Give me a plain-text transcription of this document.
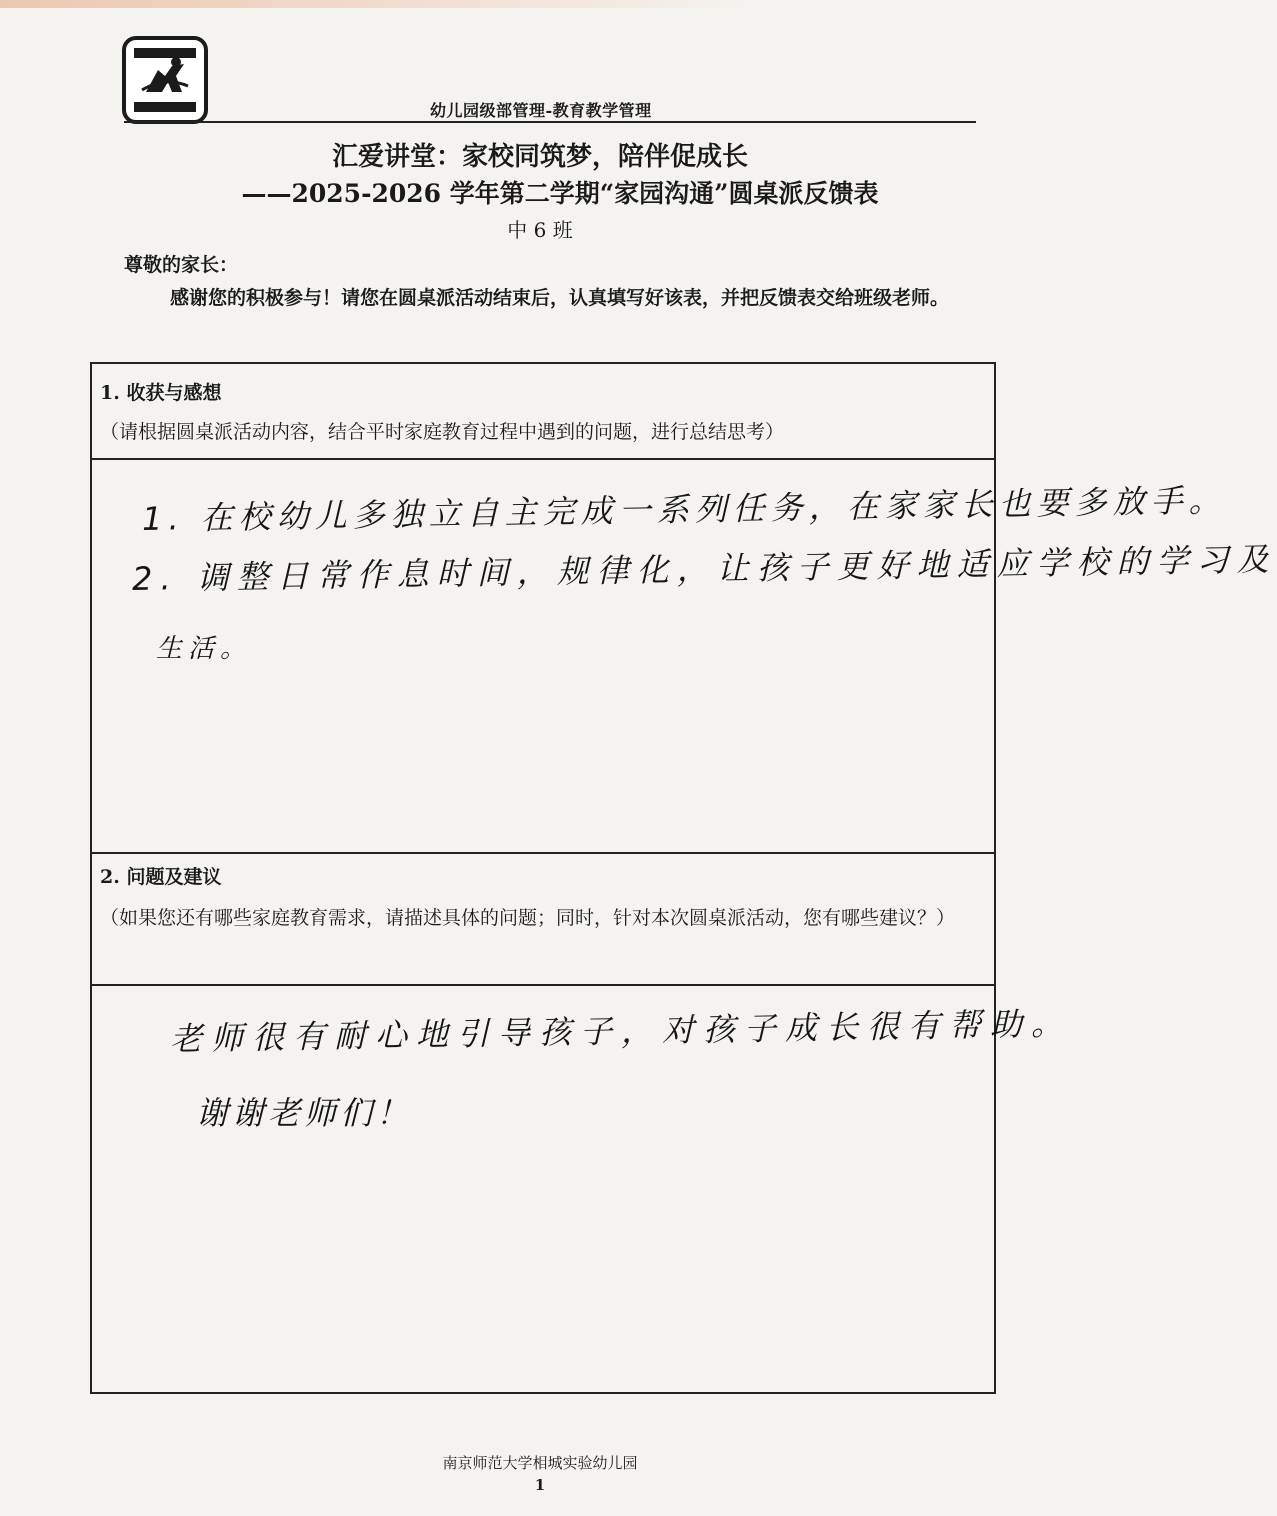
幼儿园级部管理-教育教学管理
汇爱讲堂：家校同筑梦，陪伴促成长
——2025-2026 学年第二学期“家园沟通”圆桌派反馈表
中 6 班
尊敬的家长：
感谢您的积极参与！请您在圆桌派活动结束后，认真填写好该表，并把反馈表交给班级老师。
1. 收获与感想
（请根据圆桌派活动内容，结合平时家庭教育过程中遇到的问题，进行总结思考）
1. 在校幼儿多独立自主完成一系列任务，在家家长也要多放手。
2. 调整日常作息时间，规律化，让孩子更好地适应学校的学习及
生活。
2. 问题及建议
（如果您还有哪些家庭教育需求，请描述具体的问题；同时，针对本次圆桌派活动，您有哪些建议？）
老师很有耐心地引导孩子，对孩子成长很有帮助。
谢谢老师们！
南京师范大学相城实验幼儿园
1
